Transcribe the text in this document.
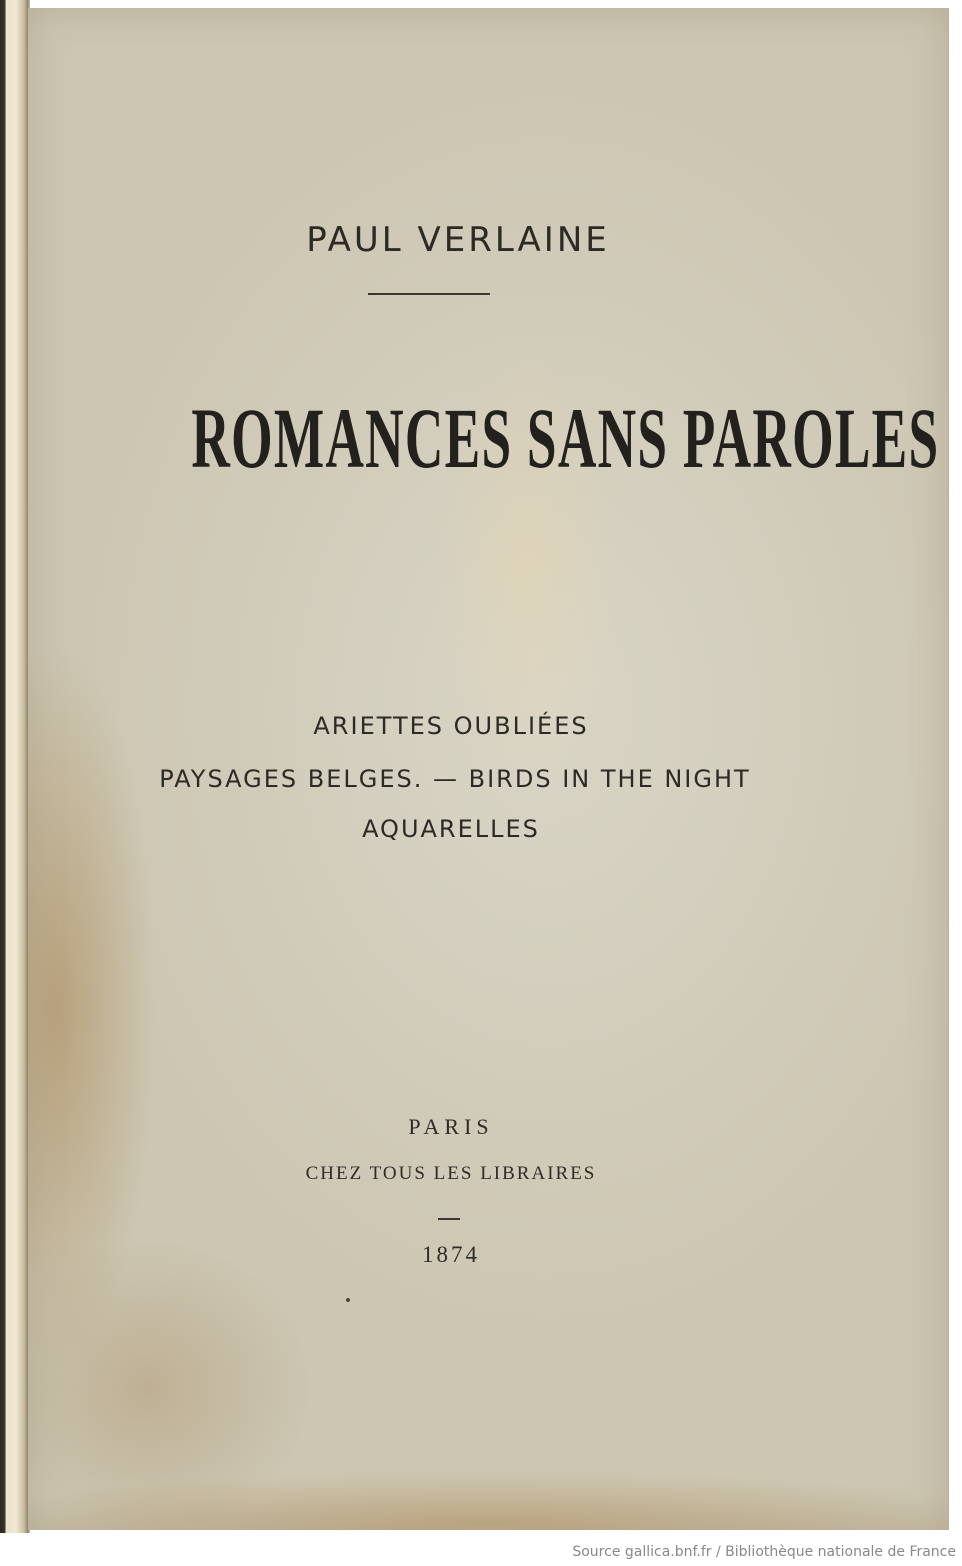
PAUL VERLAINE
ROMANCES SANS PAROLES
ARIETTES OUBLIÉES
PAYSAGES BELGES. — BIRDS IN THE NIGHT
AQUARELLES
PARIS
CHEZ TOUS LES LIBRAIRES
1874
Source gallica.bnf.fr / Bibliothèque nationale de France
